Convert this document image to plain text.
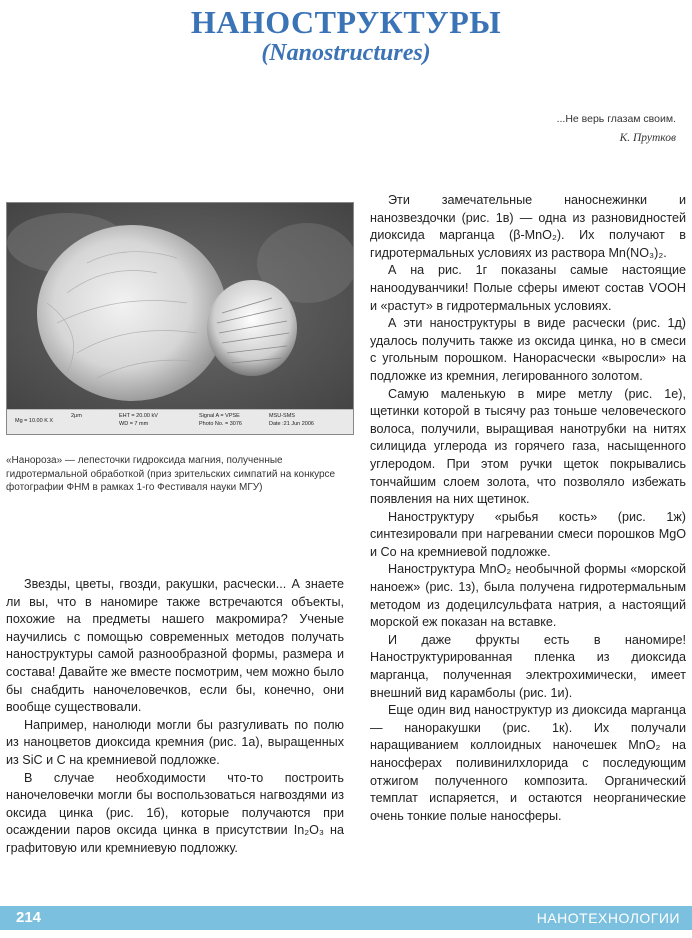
НАНОСТРУКТУРЫ
(Nanostructures)
...Не верь глазам своим.
К. Прутков
Mg = 10.00 K X
2μm	EHT = 20.00 kV
WD = 7 mm
Signal A = VPSE
Photo No. = 3076
MSU-SMS
Date :21 Jun 2006
«Нанороза» — лепесточки гидроксида магния, полученные гидротермальной обработкой (приз зрительских симпатий на конкурсе фотографии ФНМ в рамках 1-го Фестиваля науки МГУ)

Звезды, цветы, гвозди, ракушки, расчески... А знаете ли вы, что в наномире также встречаются объекты, похожие на предметы нашего макромира? Ученые научились с помощью современных методов получать наноструктуры самой разнообразной формы, размера и состава! Давайте же вместе посмотрим, чем можно было бы снабдить наночеловечков, если бы, конечно, они вообще существовали.

Например, нанолюди могли бы разгуливать по полю из наноцветов диоксида кремния (рис. 1а), выращенных из SiC и C на кремниевой подложке.

В случае необходимости что-то построить наночеловечки могли бы воспользоваться нагвоздями из оксида цинка (рис. 1б), которые получаются при осаждении паров оксида цинка в присутствии In₂O₃ на графитовую или кремниевую подложку.

Эти замечательные наноснежинки и нанозвездочки (рис. 1в) — одна из разновидностей диоксида марганца (β-MnO₂). Их получают в гидротермальных условиях из раствора Mn(NO₃)₂.

А на рис. 1г показаны самые настоящие наноодуванчики! Полые сферы имеют состав VOOH и «растут» в гидротермальных условиях.

А эти наноструктуры в виде расчески (рис. 1д) удалось получить также из оксида цинка, но в смеси с угольным порошком. Нанорасчески «выросли» на подложке из кремния, легированного золотом.

Самую маленькую в мире метлу (рис. 1е), щетинки которой в тысячу раз тоньше человеческого волоса, получили, выращивая нанотрубки на нитях силицида углерода из горячего газа, насыщенного углеродом. При этом ручки щеток покрывались тончайшим слоем золота, что позволяло избежать появления на них щетинок.

Наноструктуру «рыбья кость» (рис. 1ж) синтезировали при нагревании смеси порошков MgO и Co на кремниевой подложке.

Наноструктура MnO₂ необычной формы «морской наноеж» (рис. 1з), была получена гидротермальным методом из додецилсульфата натрия, а настоящий морской еж показан на вставке.

И даже фрукты есть в наномире! Наноструктурированная пленка из диоксида марганца, полученная электрохимически, имеет внешний вид карамболы (рис. 1и).

Еще один вид наноструктур из диоксида марганца — наноракушки (рис. 1к). Их получали наращиванием коллоидных наночешек MnO₂ на наносферах поливинилхлорида с последующим отжигом полученного композита. Органический темплат испаряется, и остаются неорганические очень тонкие полые наносферы.

214	НАНОТЕХНОЛОГИИ
